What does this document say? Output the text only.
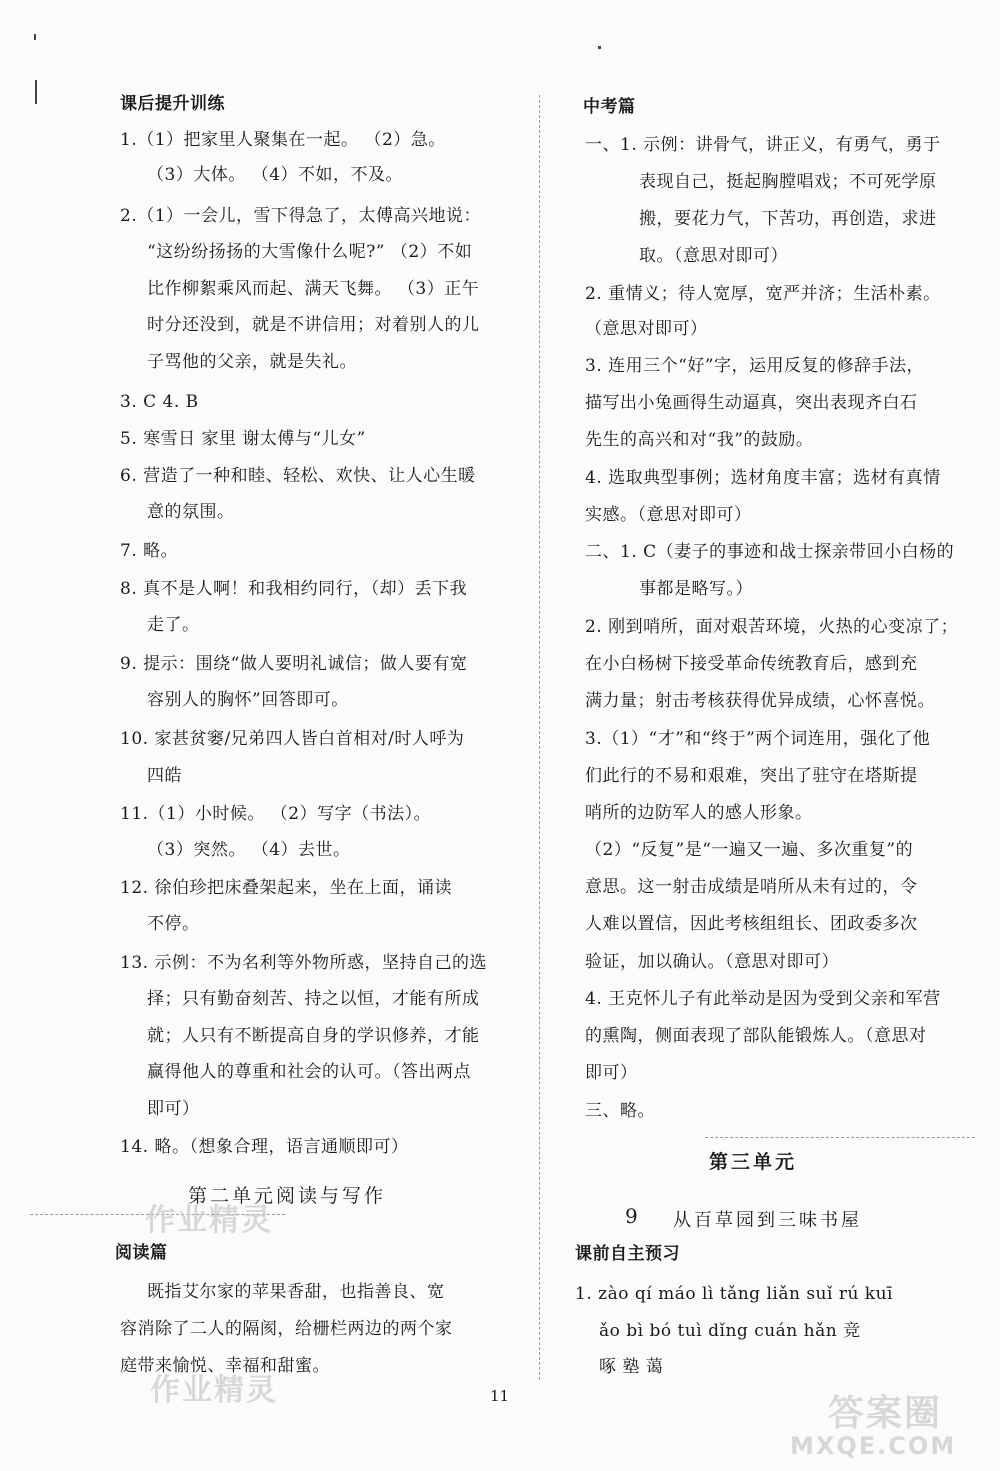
课后提升训练
1.（1）把家里人聚集在一起。 （2）急。
（3）大体。 （4）不如，不及。
2.（1）一会儿，雪下得急了，太傅高兴地说：
“这纷纷扬扬的大雪像什么呢?” （2）不如
比作柳絮乘风而起、满天飞舞。 （3）正午
时分还没到，就是不讲信用；对着别人的儿
子骂他的父亲，就是失礼。
3. C 4. B
5. 寒雪日 家里 谢太傅与“儿女”
6. 营造了一种和睦、轻松、欢快、让人心生暖
意的氛围。
7. 略。
8. 真不是人啊！和我相约同行，（却）丢下我
走了。
9. 提示：围绕“做人要明礼诚信；做人要有宽
容别人的胸怀”回答即可。
10. 家甚贫窭/兄弟四人皆白首相对/时人呼为
四皓
11.（1）小时候。 （2）写字（书法）。
（3）突然。 （4）去世。
12. 徐伯珍把床叠架起来，坐在上面，诵读
不停。
13. 示例：不为名利等外物所惑，坚持自己的选
择；只有勤奋刻苦、持之以恒，才能有所成
就；人只有不断提高自身的学识修养，才能
赢得他人的尊重和社会的认可。（答出两点
即可）
14. 略。（想象合理，语言通顺即可）
第二单元阅读与写作
阅读篇
既指艾尔家的苹果香甜，也指善良、宽
容消除了二人的隔阂，给栅栏两边的两个家
庭带来愉悦、幸福和甜蜜。
中考篇
一、1. 示例：讲骨气，讲正义，有勇气，勇于
表现自己，挺起胸膛唱戏；不可死学原
搬，要花力气，下苦功，再创造，求进
取。（意思对即可）
2. 重情义；待人宽厚，宽严并济；生活朴素。
（意思对即可）
3. 连用三个“好”字，运用反复的修辞手法，
描写出小兔画得生动逼真，突出表现齐白石
先生的高兴和对“我”的鼓励。
4. 选取典型事例；选材角度丰富；选材有真情
实感。（意思对即可）
二、1. C（妻子的事迹和战士探亲带回小白杨的
事都是略写。）
2. 刚到哨所，面对艰苦环境，火热的心变凉了；
在小白杨树下接受革命传统教育后，感到充
满力量；射击考核获得优异成绩，心怀喜悦。
3.（1）“才”和“终于”两个词连用，强化了他
们此行的不易和艰难，突出了驻守在塔斯提
哨所的边防军人的感人形象。
（2）“反复”是“一遍又一遍、多次重复”的
意思。这一射击成绩是哨所从未有过的，令
人难以置信，因此考核组组长、团政委多次
验证，加以确认。（意思对即可）
4. 王克怀儿子有此举动是因为受到父亲和军营
的熏陶，侧面表现了部队能锻炼人。（意思对
即可）
三、略。
第三单元
9 从百草园到三味书屋
课前自主预习
1. zào qí máo lì tǎng liǎn suǐ rú kuī
ǎo bì bó tuì dǐng cuán hǎn 竞
啄 塾 蔼
11
作业精灵
作业精灵
答案圈
MXQE.COM
